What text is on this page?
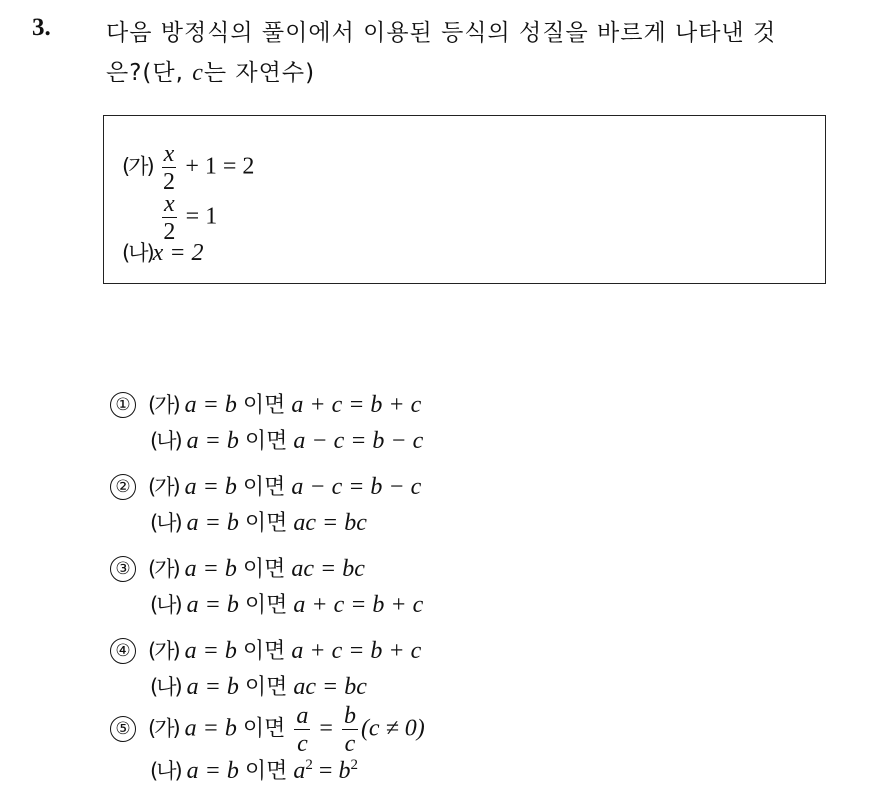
3. 다음 방정식의 풀이에서 이용된 등식의 성질을 바르게 나타낸 것
은?(단, c는 자연수)
(가) $\frac{x}{2} + 1 = 2$
$\frac{x}{2} = 1$
(나)x = 2
① (가) a = b 이면 a + c = b + c
(나) a = b 이면 a − c = b − c
② (가) a = b 이면 a − c = b − c
(나) a = b 이면 ac = bc
③ (가) a = b 이면 ac = bc
(나) a = b 이면 a + c = b + c
④ (가) a = b 이면 a + c = b + c
(나) a = b 이면 ac = bc
⑤ (가) a = b 이면 $\frac{a}{c} = \frac{b}{c} (c \ne 0)$
(나) a = b 이면 $a^2 = b^2$
